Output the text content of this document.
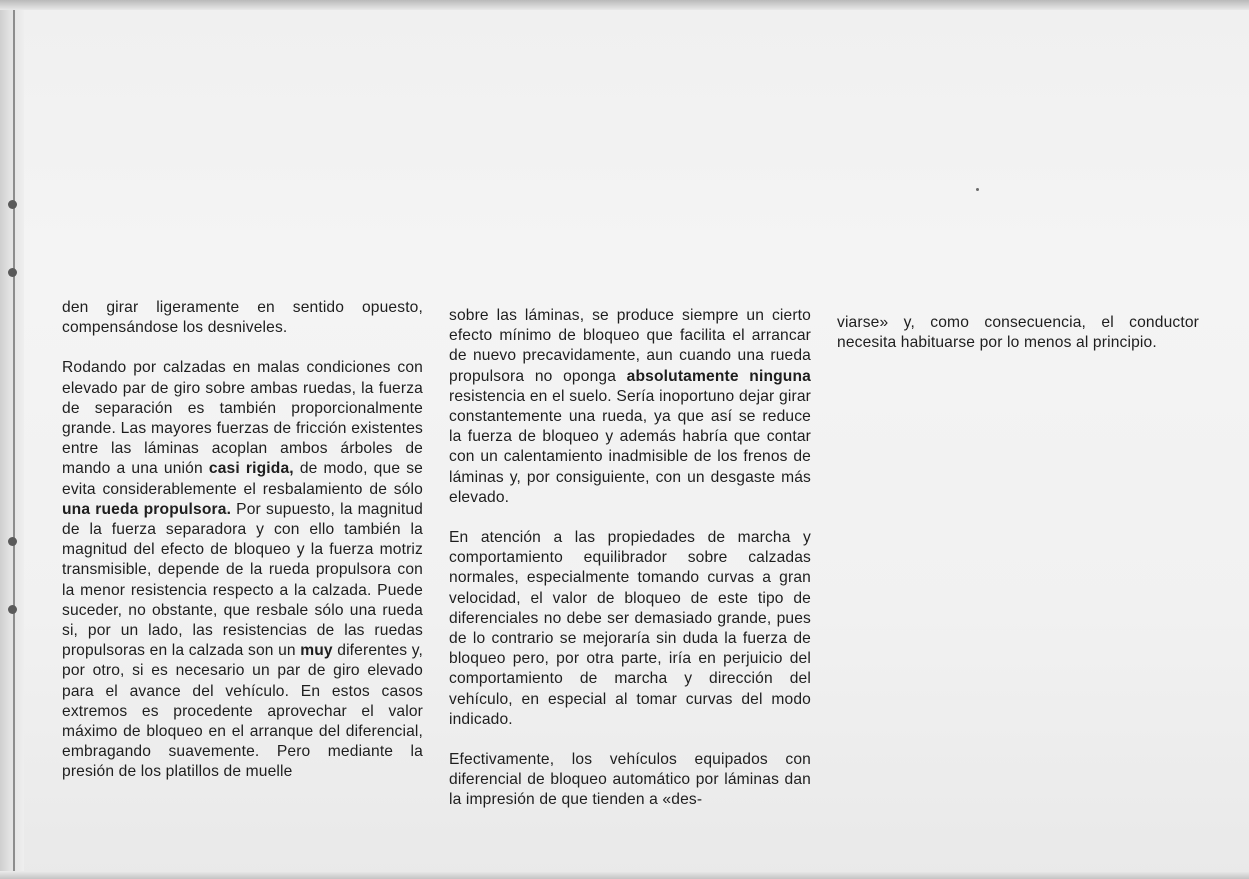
den girar ligeramente en sentido opuesto, compensándose los desniveles.

Rodando por calzadas en malas condiciones con elevado par de giro sobre ambas ruedas, la fuerza de separación es también proporcionalmente grande. Las mayores fuerzas de fricción existentes entre las láminas acoplan ambos árboles de mando a una unión casi rigida, de modo, que se evita considerablemente el resbalamiento de sólo una rueda propulsora. Por supuesto, la magnitud de la fuerza separadora y con ello también la magnitud del efecto de bloqueo y la fuerza motriz transmisible, depende de la rueda propulsora con la menor resistencia respecto a la calzada. Puede suceder, no obstante, que resbale sólo una rueda si, por un lado, las resistencias de las ruedas propulsoras en la calzada son un muy diferentes y, por otro, si es necesario un par de giro elevado para el avance del vehículo. En estos casos extremos es procedente aprovechar el valor máximo de bloqueo en el arranque del diferencial, embragando suavemente. Pero mediante la presión de los platillos de muelle

sobre las láminas, se produce siempre un cierto efecto mínimo de bloqueo que facilita el arrancar de nuevo precavidamente, aun cuando una rueda propulsora no oponga absolutamente ninguna resistencia en el suelo. Sería inoportuno dejar girar constantemente una rueda, ya que así se reduce la fuerza de bloqueo y además habría que contar con un calentamiento inadmisible de los frenos de láminas y, por consiguiente, con un desgaste más elevado.

En atención a las propiedades de marcha y comportamiento equilibrador sobre calzadas normales, especialmente tomando curvas a gran velocidad, el valor de bloqueo de este tipo de diferenciales no debe ser demasiado grande, pues de lo contrario se mejoraría sin duda la fuerza de bloqueo pero, por otra parte, iría en perjuicio del comportamiento de marcha y dirección del vehículo, en especial al tomar curvas del modo indicado.

Efectivamente, los vehículos equipados con diferencial de bloqueo automático por láminas dan la impresión de que tienden a «des-

viarse» y, como consecuencia, el conductor necesita habituarse por lo menos al principio.
